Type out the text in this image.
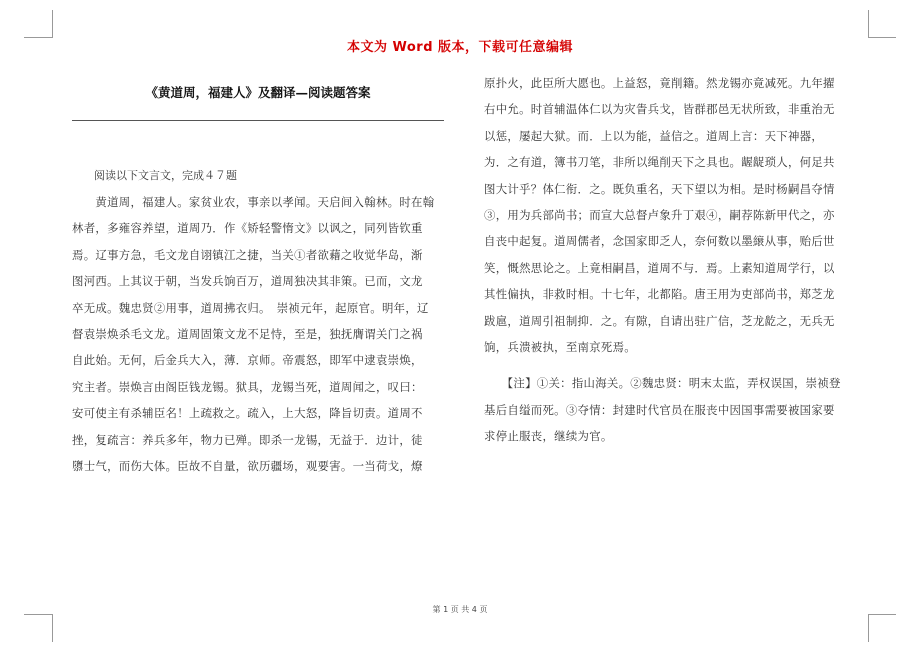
本文为 Word 版本，下载可任意编辑
《黄道周，福建人》及翻译—阅读题答案
阅读以下文言文，完成４７题
　　黄道周，福建人。家贫业农，事亲以孝闻。天启间入翰林。时在翰
林者，多雍容养望，道周乃．作《矫轻警惰文》以讽之，同列皆钦重
焉。辽事方急，毛文龙自诩镇江之捷，当关①者欲藉之收觉华岛，渐
图河西。上其议于朝，当发兵饷百万，道周独决其非策。已而，文龙
卒无成。魏忠贤②用事，道周拂衣归。　崇祯元年，起原官。明年，辽
督袁崇焕杀毛文龙。道周固策文龙不足恃，至是，独抚膺谓关门之祸
自此始。无何，后金兵大入，薄．京师。帝震怒，即军中逮袁崇焕，
究主者。崇焕言由阁臣钱龙锡。狱具，龙锡当死，道周闻之，叹曰：
安可使主有杀辅臣名！上疏救之。疏入，上大怒，降旨切责。道周不
挫，复疏言：养兵多年，物力已殚。即杀一龙锡，无益于．边计，徒
隳士气，而伤大体。臣故不自量，欲历疆场，观要害。一当荷戈，燎
原扑火，此臣所大愿也。上益怒，竟削籍。然龙锡亦竟减死。九年擢
右中允。时首辅温体仁以为灾眚兵戈，皆群郡邑无状所致，非重治无
以惩，屡起大狱。而．上以为能，益信之。道周上言：天下神器，
为．之有道，簿书刀笔，非所以绳削天下之具也。龌龊琐人，何足共
图大计乎？体仁衔．之。既负重名，天下望以为相。是时杨嗣昌夺情
③，用为兵部尚书；而宣大总督卢象升丁艰④，嗣荐陈新甲代之，亦
自丧中起复。道周儒者，念国家即乏人，奈何数以墨縗从事，贻后世
笑，慨然思论之。上竟相嗣昌，道周不与．焉。上素知道周学行，以
其性偏执，非救时相。十七年，北都陷。唐王用为吏部尚书，郑芝龙
跋扈，道周引祖制抑．之。有隙，自请出驻广信，芝龙龁之，无兵无
饷，兵溃被执，至南京死焉。
　　【注】①关：指山海关。②魏忠贤：明末太监，弄权误国，崇祯登
基后自缢而死。③夺情：封建时代官员在服丧中因国事需要被国家要
求停止服丧，继续为官。
第 1 页 共 4 页
